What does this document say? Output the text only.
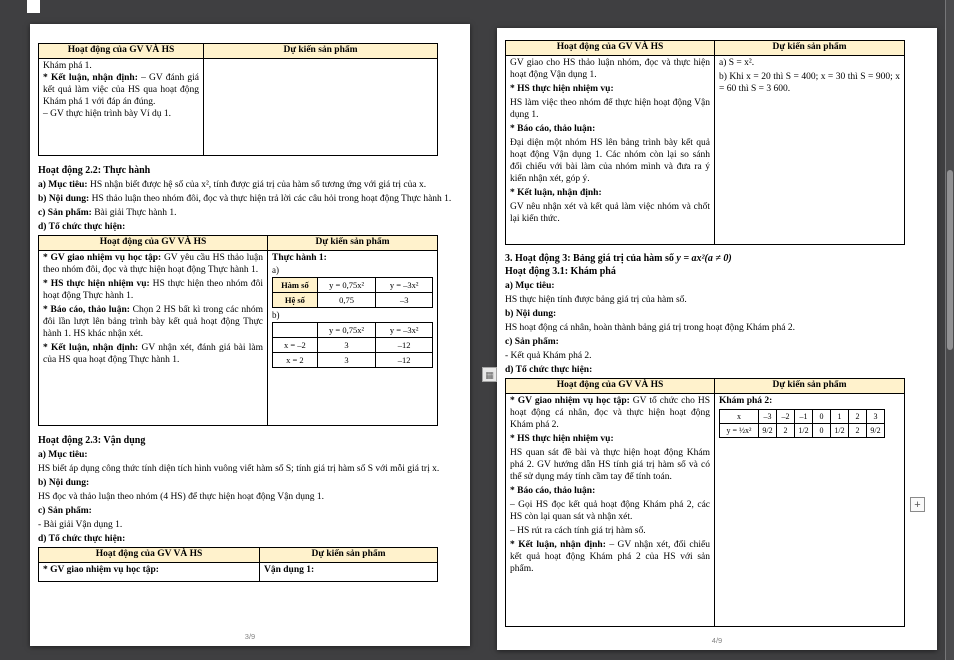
Hoạt động của GV VÀ HS	Dự kiến sản phẩm

Khám phá 1.

* Kết luận, nhận định: – GV đánh giá kết quả làm việc của HS qua hoạt động Khám phá 1 với đáp án đúng.

– GV thực hiện trình bày Ví dụ 1.	

Hoạt động 2.2: Thực hành

a) Mục tiêu: HS nhận biết được hệ số của x², tính được giá trị của hàm số tương ứng với giá trị của x.

b) Nội dung: HS thảo luận theo nhóm đôi, đọc và thực hiện trả lời các câu hỏi trong hoạt động Thực hành 1.

c) Sản phẩm: Bài giải Thực hành 1.

d) Tổ chức thực hiện:

Hoạt động của GV VÀ HS	Dự kiến sản phẩm

* GV giao nhiệm vụ học tập: GV yêu cầu HS thảo luận theo nhóm đôi, đọc và thực hiện hoạt động Thực hành 1.

* HS thực hiện nhiệm vụ: HS thực hiện theo nhóm đôi hoạt động Thực hành 1.

* Báo cáo, thảo luận: Chọn 2 HS bất kì trong các nhóm đôi lần lượt lên bảng trình bày kết quả hoạt động Thực hành 1. HS khác nhận xét.

* Kết luận, nhận định: GV nhận xét, đánh giá bài làm của HS qua hoạt động Thực hành 1.

Thực hành 1:

a)

Hàm số	y = 0,75x²	y = –3x²
Hệ số	0,75	–3

b)

	y = 0,75x²	y = –3x²
x = –2	3	–12
x = 2	3	–12

Hoạt động 2.3: Vận dụng

a) Mục tiêu:

HS biết áp dụng công thức tính diện tích hình vuông viết hàm số S; tính giá trị hàm số S với mỗi giá trị x.

b) Nội dung:

HS đọc và thảo luận theo nhóm (4 HS) để thực hiện hoạt động Vận dụng 1.

c) Sản phẩm:

- Bài giải Vận dụng 1.

d) Tổ chức thực hiện:

Hoạt động của GV VÀ HS	Dự kiến sản phẩm

* GV giao nhiệm vụ học tập:	Vận dụng 1:

3/9
Hoạt động của GV VÀ HS	Dự kiến sản phẩm

GV giao cho HS thảo luận nhóm, đọc và thực hiện hoạt động Vận dụng 1.

* HS thực hiện nhiệm vụ:

HS làm việc theo nhóm để thực hiện hoạt động Vận dụng 1.

* Báo cáo, thảo luận:

Đại diện một nhóm HS lên bảng trình bày kết quả hoạt động Vận dụng 1. Các nhóm còn lại so sánh đối chiếu với bài làm của nhóm mình và đưa ra ý kiến nhận xét, góp ý.

* Kết luận, nhận định:

GV nêu nhận xét và kết quả làm việc nhóm và chốt lại kiến thức.

a) S = x².

b) Khi x = 20 thì S = 400; x = 30 thì S = 900; x = 60 thì S = 3 600.

3. Hoạt động 3: Bảng giá trị của hàm số y = ax²(a ≠ 0)

Hoạt động 3.1: Khám phá

a) Mục tiêu:

HS thực hiện tính được bảng giá trị của hàm số.

b) Nội dung:

HS hoạt động cá nhân, hoàn thành bảng giá trị trong hoạt động Khám phá 2.

c) Sản phẩm:

- Kết quả Khám phá 2.

d) Tổ chức thực hiện:

Hoạt động của GV VÀ HS	Dự kiến sản phẩm

* GV giao nhiệm vụ học tập: GV tổ chức cho HS hoạt động cá nhân, đọc và thực hiện hoạt động Khám phá 2.

* HS thực hiện nhiệm vụ:

HS quan sát đề bài và thực hiện hoạt động Khám phá 2. GV hướng dẫn HS tính giá trị hàm số và có thể sử dụng máy tính cầm tay để tính toán.

* Báo cáo, thảo luận:

– Gọi HS đọc kết quả hoạt động Khám phá 2, các HS còn lại quan sát và nhận xét.

– HS rút ra cách tính giá trị hàm số.

* Kết luận, nhận định: – GV nhận xét, đối chiếu kết quả hoạt động Khám phá 2 của HS với sản phẩm.

Khám phá 2:

x	–3	–2	–1	0	1	2	3
y = ½x²	9/2	2	1/2	0	1/2	2	9/2
4/9
▦
+
